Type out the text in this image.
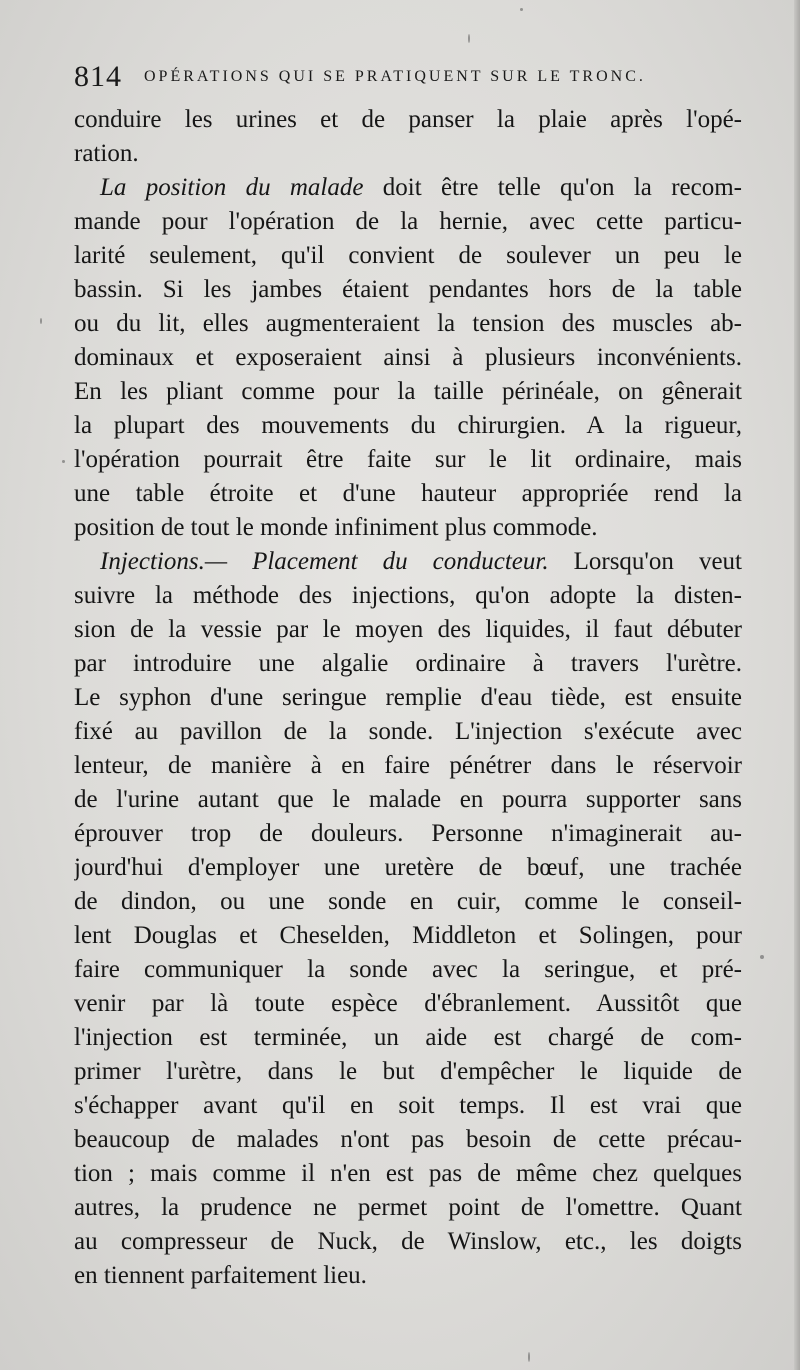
814 OPÉRATIONS QUI SE PRATIQUENT SUR LE TRONC.
conduire les urines et de panser la plaie après l'opé-
ration.
La position du malade doit être telle qu'on la recom-
mande pour l'opération de la hernie, avec cette particu-
larité seulement, qu'il convient de soulever un peu le
bassin. Si les jambes étaient pendantes hors de la table
ou du lit, elles augmenteraient la tension des muscles ab-
dominaux et exposeraient ainsi à plusieurs inconvénients.
En les pliant comme pour la taille périnéale, on gênerait
la plupart des mouvements du chirurgien. A la rigueur,
l'opération pourrait être faite sur le lit ordinaire, mais
une table étroite et d'une hauteur appropriée rend la
position de tout le monde infiniment plus commode.
Injections.— Placement du conducteur. Lorsqu'on veut
suivre la méthode des injections, qu'on adopte la disten-
sion de la vessie par le moyen des liquides, il faut débuter
par introduire une algalie ordinaire à travers l'urètre.
Le syphon d'une seringue remplie d'eau tiède, est ensuite
fixé au pavillon de la sonde. L'injection s'exécute avec
lenteur, de manière à en faire pénétrer dans le réservoir
de l'urine autant que le malade en pourra supporter sans
éprouver trop de douleurs. Personne n'imaginerait au-
jourd'hui d'employer une uretère de bœuf, une trachée
de dindon, ou une sonde en cuir, comme le conseil-
lent Douglas et Cheselden, Middleton et Solingen, pour
faire communiquer la sonde avec la seringue, et pré-
venir par là toute espèce d'ébranlement. Aussitôt que
l'injection est terminée, un aide est chargé de com-
primer l'urètre, dans le but d'empêcher le liquide de
s'échapper avant qu'il en soit temps. Il est vrai que
beaucoup de malades n'ont pas besoin de cette précau-
tion ; mais comme il n'en est pas de même chez quelques
autres, la prudence ne permet point de l'omettre. Quant
au compresseur de Nuck, de Winslow, etc., les doigts
en tiennent parfaitement lieu.
